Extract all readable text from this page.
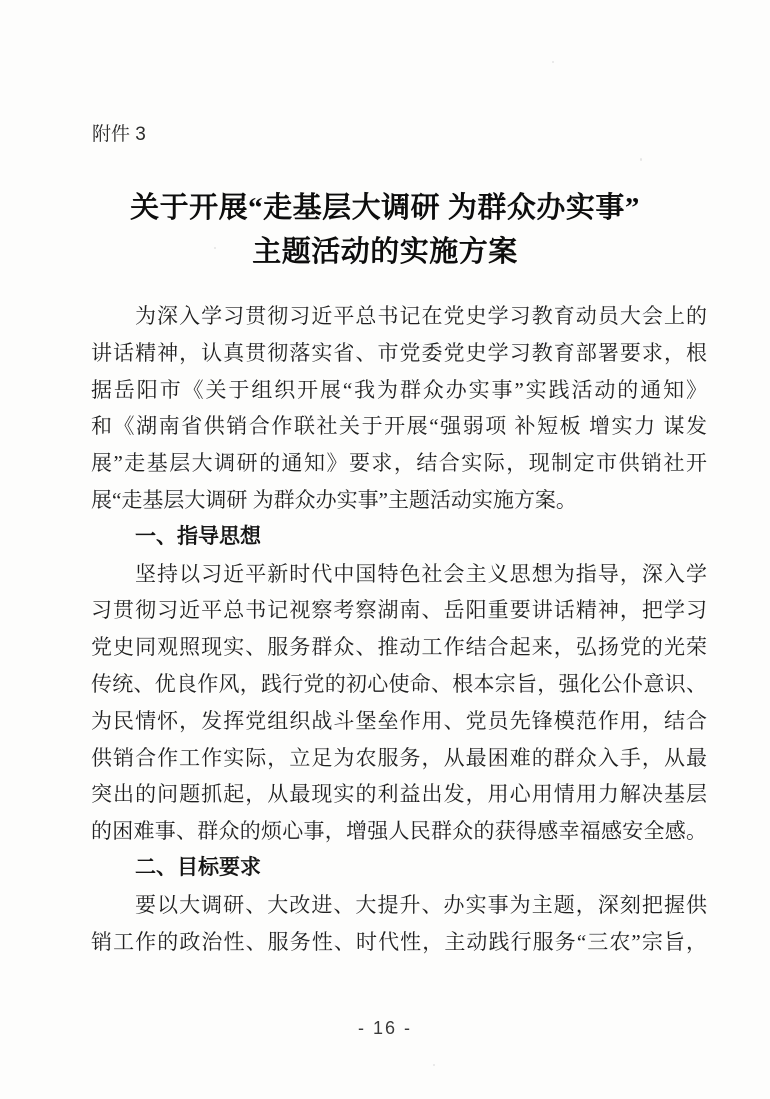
附件 3
关于开展“走基层大调研 为群众办实事”
主题活动的实施方案
为深入学习贯彻习近平总书记在党史学习教育动员大会上的
讲话精神，认真贯彻落实省、市党委党史学习教育部署要求，根
据岳阳市《关于组织开展“我为群众办实事”实践活动的通知》
和《湖南省供销合作联社关于开展“强弱项 补短板 增实力 谋发
展”走基层大调研的通知》要求，结合实际，现制定市供销社开
展“走基层大调研 为群众办实事”主题活动实施方案。
一、指导思想
坚持以习近平新时代中国特色社会主义思想为指导，深入学
习贯彻习近平总书记视察考察湖南、岳阳重要讲话精神，把学习
党史同观照现实、服务群众、推动工作结合起来，弘扬党的光荣
传统、优良作风，践行党的初心使命、根本宗旨，强化公仆意识、
为民情怀，发挥党组织战斗堡垒作用、党员先锋模范作用，结合
供销合作工作实际，立足为农服务，从最困难的群众入手，从最
突出的问题抓起，从最现实的利益出发，用心用情用力解决基层
的困难事、群众的烦心事，增强人民群众的获得感幸福感安全感。
二、目标要求
要以大调研、大改进、大提升、办实事为主题，深刻把握供
销工作的政治性、服务性、时代性，主动践行服务“三农”宗旨，
- 16 -
